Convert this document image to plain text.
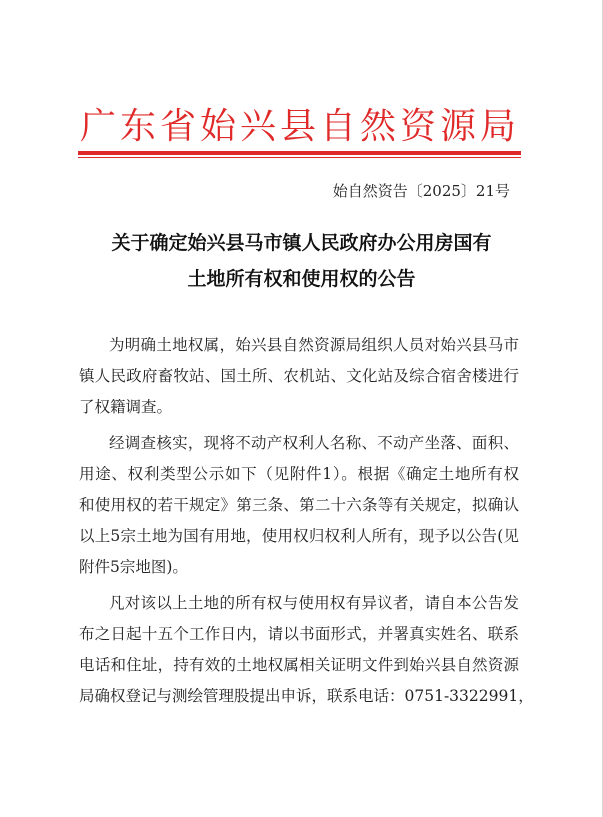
广东省始兴县自然资源局
始自然资告〔2025〕21号
关于确定始兴县马市镇人民政府办公用房国有
土地所有权和使用权的公告
为明确土地权属，始兴县自然资源局组织人员对始兴县马市
镇人民政府畜牧站、国土所、农机站、文化站及综合宿舍楼进行
了权籍调查。
经调查核实，现将不动产权利人名称、不动产坐落、面积、
用途、权利类型公示如下（见附件1）。根据《确定土地所有权
和使用权的若干规定》第三条、第二十六条等有关规定，拟确认
以上5宗土地为国有用地，使用权归权利人所有，现予以公告(见
附件5宗地图)。
凡对该以上土地的所有权与使用权有异议者，请自本公告发
布之日起十五个工作日内，请以书面形式，并署真实姓名、联系
电话和住址，持有效的土地权属相关证明文件到始兴县自然资源
局确权登记与测绘管理股提出申诉，联系电话：0751-3322991，
